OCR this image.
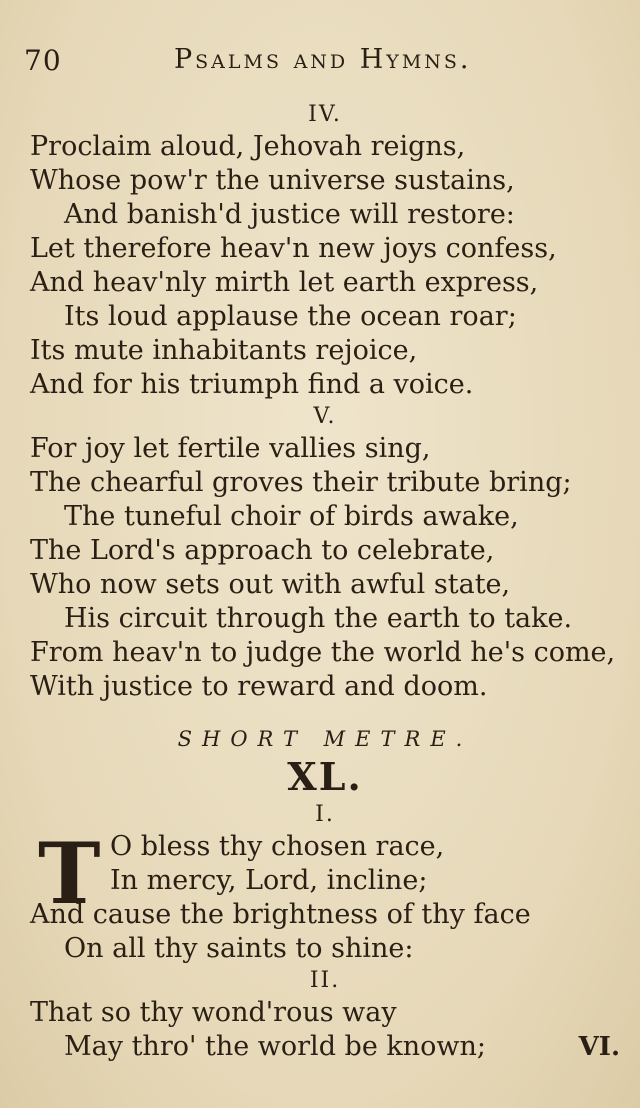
70	Psalms and Hymns.
IV.
Proclaim aloud, Jehovah reigns,
Whose pow'r the universe sustains,
And banish'd justice will restore:
Let therefore heav'n new joys confess,
And heav'nly mirth let earth express,
Its loud applause the ocean roar;
Its mute inhabitants rejoice,
And for his triumph find a voice.
V.
For joy let fertile vallies sing,
The chearful groves their tribute bring;
The tuneful choir of birds awake,
The Lord's approach to celebrate,
Who now sets out with awful state,
His circuit through the earth to take.
From heav'n to judge the world he's come,
With justice to reward and doom.
SHORT METRE.
XL.
I.
T O bless thy chosen race,
In mercy, Lord, incline;
And cause the brightness of thy face
On all thy saints to shine:
II.
That so thy wond'rous way
May thro' the world be known;	VI.
